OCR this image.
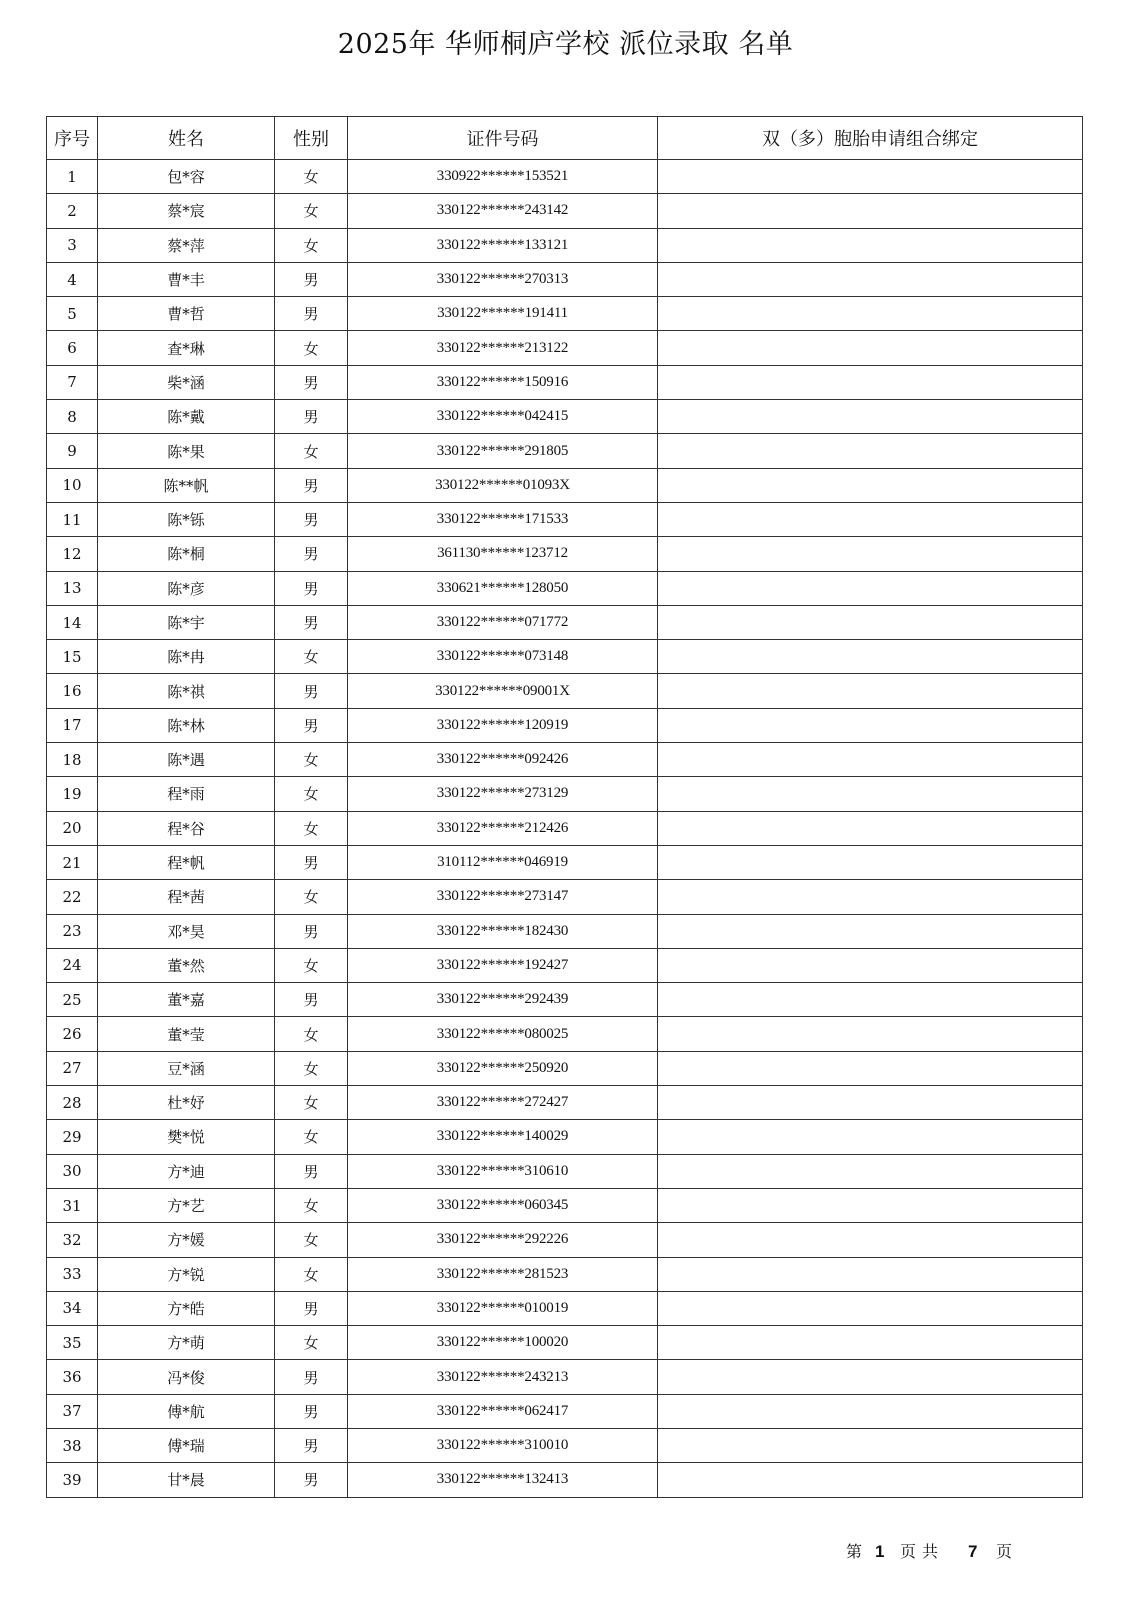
2025年 华师桐庐学校 派位录取 名单
序号	姓名	性别	证件号码	双（多）胞胎申请组合绑定
1	包*容	女	330922******153521	
2	蔡*宸	女	330122******243142	
3	蔡*萍	女	330122******133121	
4	曹*丰	男	330122******270313	
5	曹*哲	男	330122******191411	
6	查*琳	女	330122******213122	
7	柴*涵	男	330122******150916	
8	陈*戴	男	330122******042415	
9	陈*果	女	330122******291805	
10	陈**帆	男	330122******01093X	
11	陈*铄	男	330122******171533	
12	陈*桐	男	361130******123712	
13	陈*彦	男	330621******128050	
14	陈*宇	男	330122******071772	
15	陈*冉	女	330122******073148	
16	陈*祺	男	330122******09001X	
17	陈*林	男	330122******120919	
18	陈*遇	女	330122******092426	
19	程*雨	女	330122******273129	
20	程*谷	女	330122******212426	
21	程*帆	男	310112******046919	
22	程*茜	女	330122******273147	
23	邓*昊	男	330122******182430	
24	董*然	女	330122******192427	
25	董*嘉	男	330122******292439	
26	董*莹	女	330122******080025	
27	豆*涵	女	330122******250920	
28	杜*妤	女	330122******272427	
29	樊*悦	女	330122******140029	
30	方*迪	男	330122******310610	
31	方*艺	女	330122******060345	
32	方*媛	女	330122******292226	
33	方*锐	女	330122******281523	
34	方*皓	男	330122******010019	
35	方*萌	女	330122******100020	
36	冯*俊	男	330122******243213	
37	傅*航	男	330122******062417	
38	傅*瑞	男	330122******310010	
39	甘*晨	男	330122******132413	
第 1 页共 7 页
